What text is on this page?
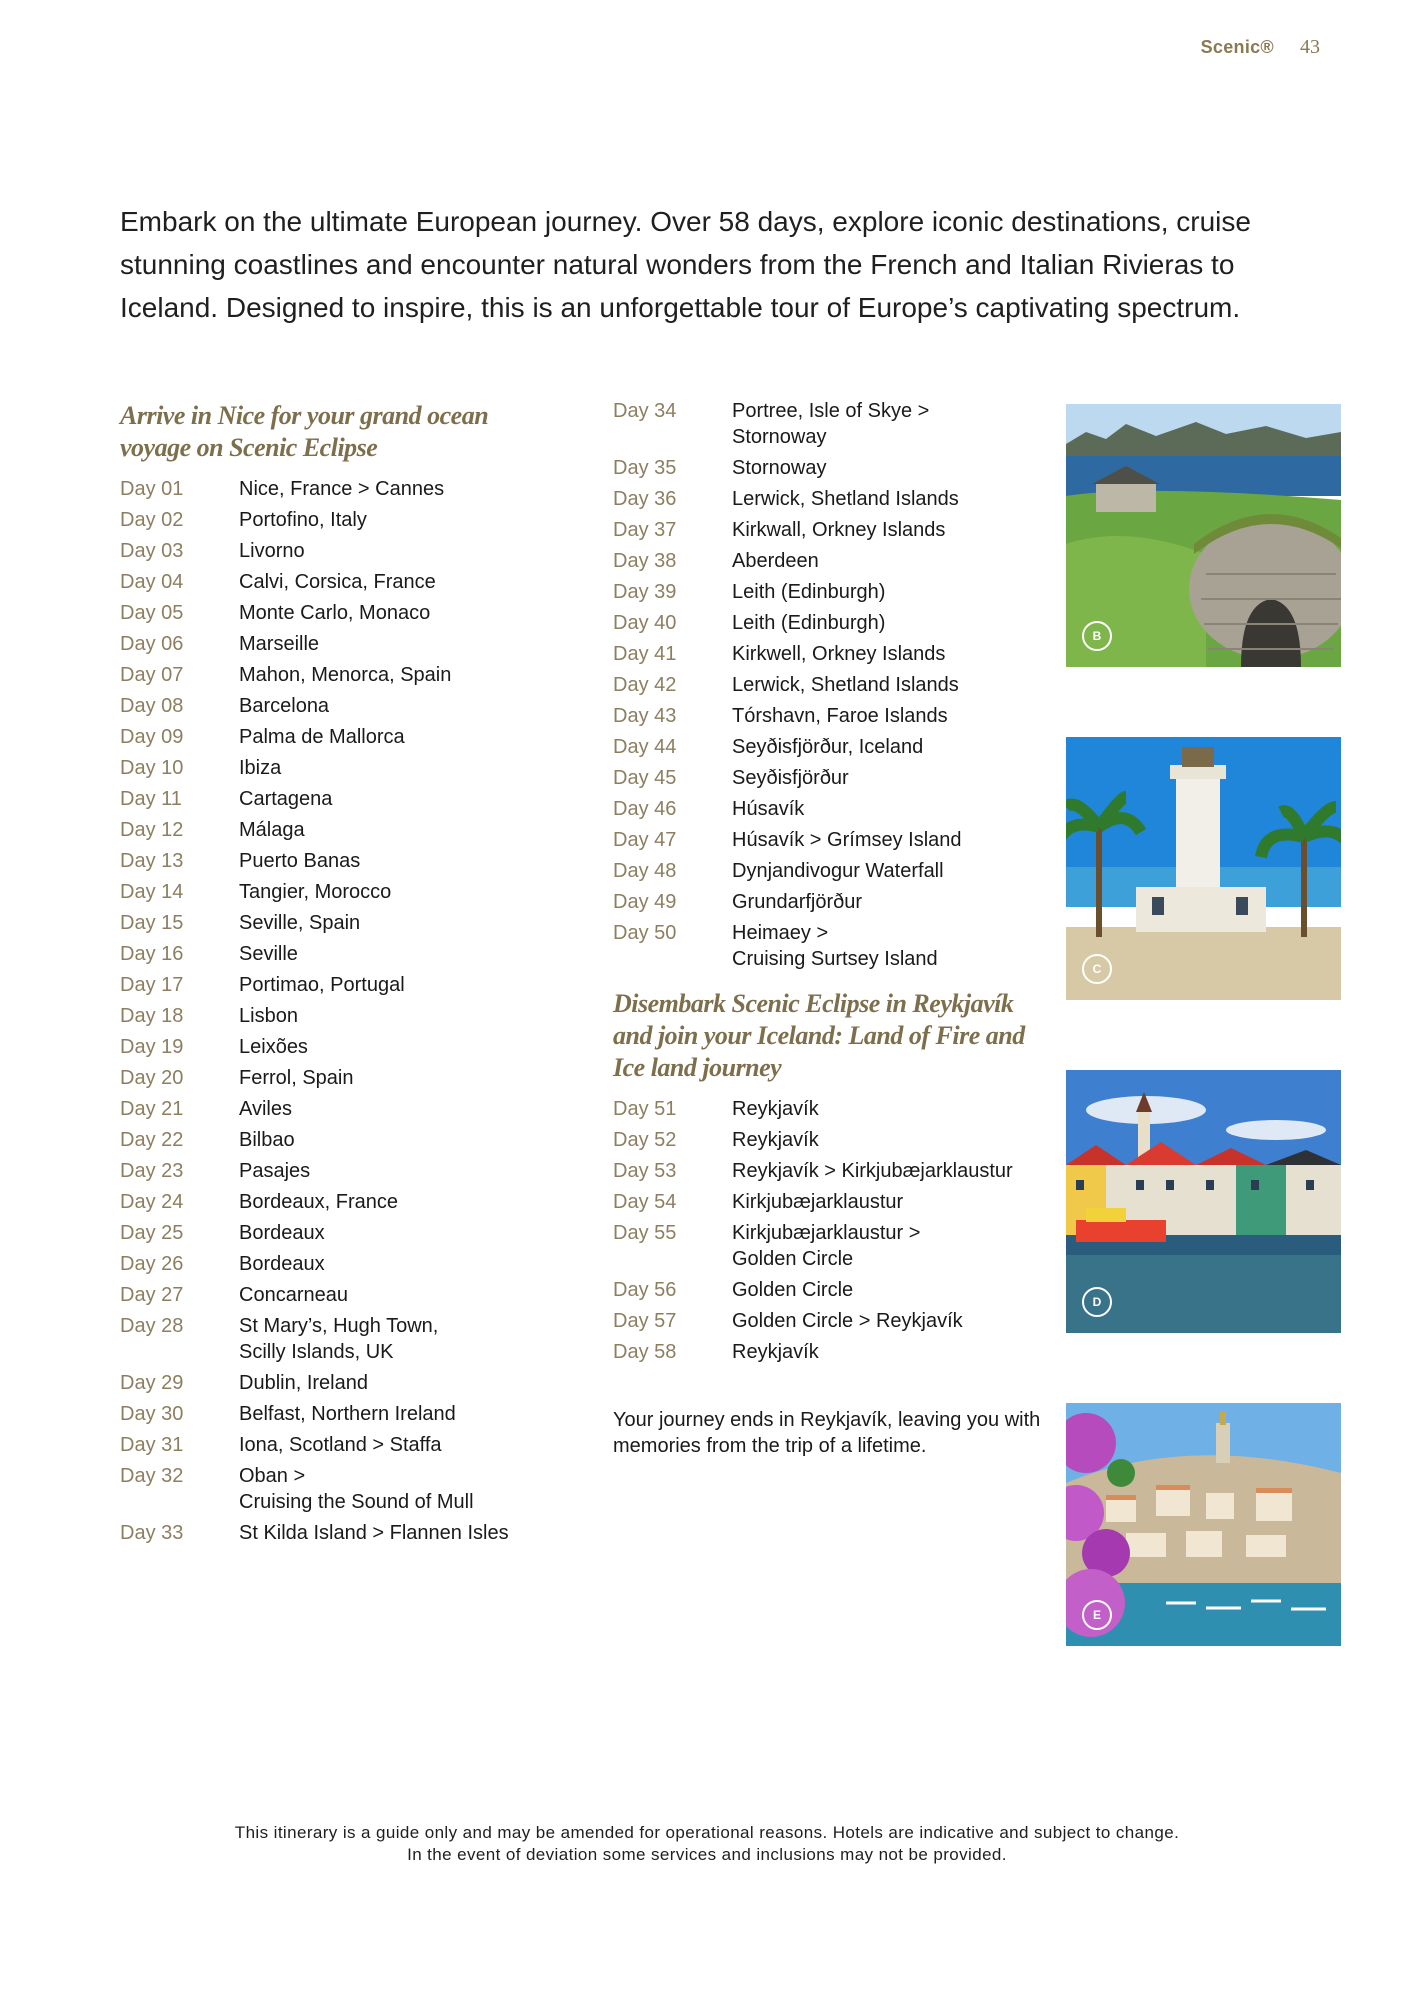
Scenic® 43

Embark on the ultimate European journey. Over 58 days, explore iconic destinations, cruise stunning coastlines and encounter natural wonders from the French and Italian Rivieras to Iceland. Designed to inspire, this is an unforgettable tour of Europe’s captivating spectrum.

Arrive in Nice for your grand ocean voyage on Scenic Eclipse
Day 01	Nice, France > Cannes
Day 02	Portofino, Italy
Day 03	Livorno
Day 04	Calvi, Corsica, France
Day 05	Monte Carlo, Monaco
Day 06	Marseille
Day 07	Mahon, Menorca, Spain
Day 08	Barcelona
Day 09	Palma de Mallorca
Day 10	Ibiza
Day 11	Cartagena
Day 12	Málaga
Day 13	Puerto Banas
Day 14	Tangier, Morocco
Day 15	Seville, Spain
Day 16	Seville
Day 17	Portimao, Portugal
Day 18	Lisbon
Day 19	Leixões
Day 20	Ferrol, Spain
Day 21	Aviles
Day 22	Bilbao
Day 23	Pasajes
Day 24	Bordeaux, France
Day 25	Bordeaux
Day 26	Bordeaux
Day 27	Concarneau
Day 28	St Mary’s, Hugh Town,
Scilly Islands, UK
Day 29	Dublin, Ireland
Day 30	Belfast, Northern Ireland
Day 31	Iona, Scotland > Staffa
Day 32	Oban >
Cruising the Sound of Mull
Day 33	St Kilda Island > Flannen Isles
Day 34	Portree, Isle of Skye >
Stornoway
Day 35	Stornoway
Day 36	Lerwick, Shetland Islands
Day 37	Kirkwall, Orkney Islands
Day 38	Aberdeen
Day 39	Leith (Edinburgh)
Day 40	Leith (Edinburgh)
Day 41	Kirkwell, Orkney Islands
Day 42	Lerwick, Shetland Islands
Day 43	Tórshavn, Faroe Islands
Day 44	Seyðisfjörður, Iceland
Day 45	Seyðisfjörður
Day 46	Húsavík
Day 47	Húsavík > Grímsey Island
Day 48	Dynjandivogur Waterfall
Day 49	Grundarfjörður
Day 50	Heimaey >
Cruising Surtsey Island
Disembark Scenic Eclipse in Reykjavík and join your Iceland: Land of Fire and Ice land journey
Day 51	Reykjavík
Day 52	Reykjavík
Day 53	Reykjavík > Kirkjubæjarklaustur
Day 54	Kirkjubæjarklaustur
Day 55	Kirkjubæjarklaustur >
Golden Circle
Day 56	Golden Circle
Day 57	Golden Circle > Reykjavík
Day 58	Reykjavík
Your journey ends in Reykjavík, leaving you with memories from the trip of a lifetime.
B
C
D
E
This itinerary is a guide only and may be amended for operational reasons. Hotels are indicative and subject to change.
In the event of deviation some services and inclusions may not be provided.
